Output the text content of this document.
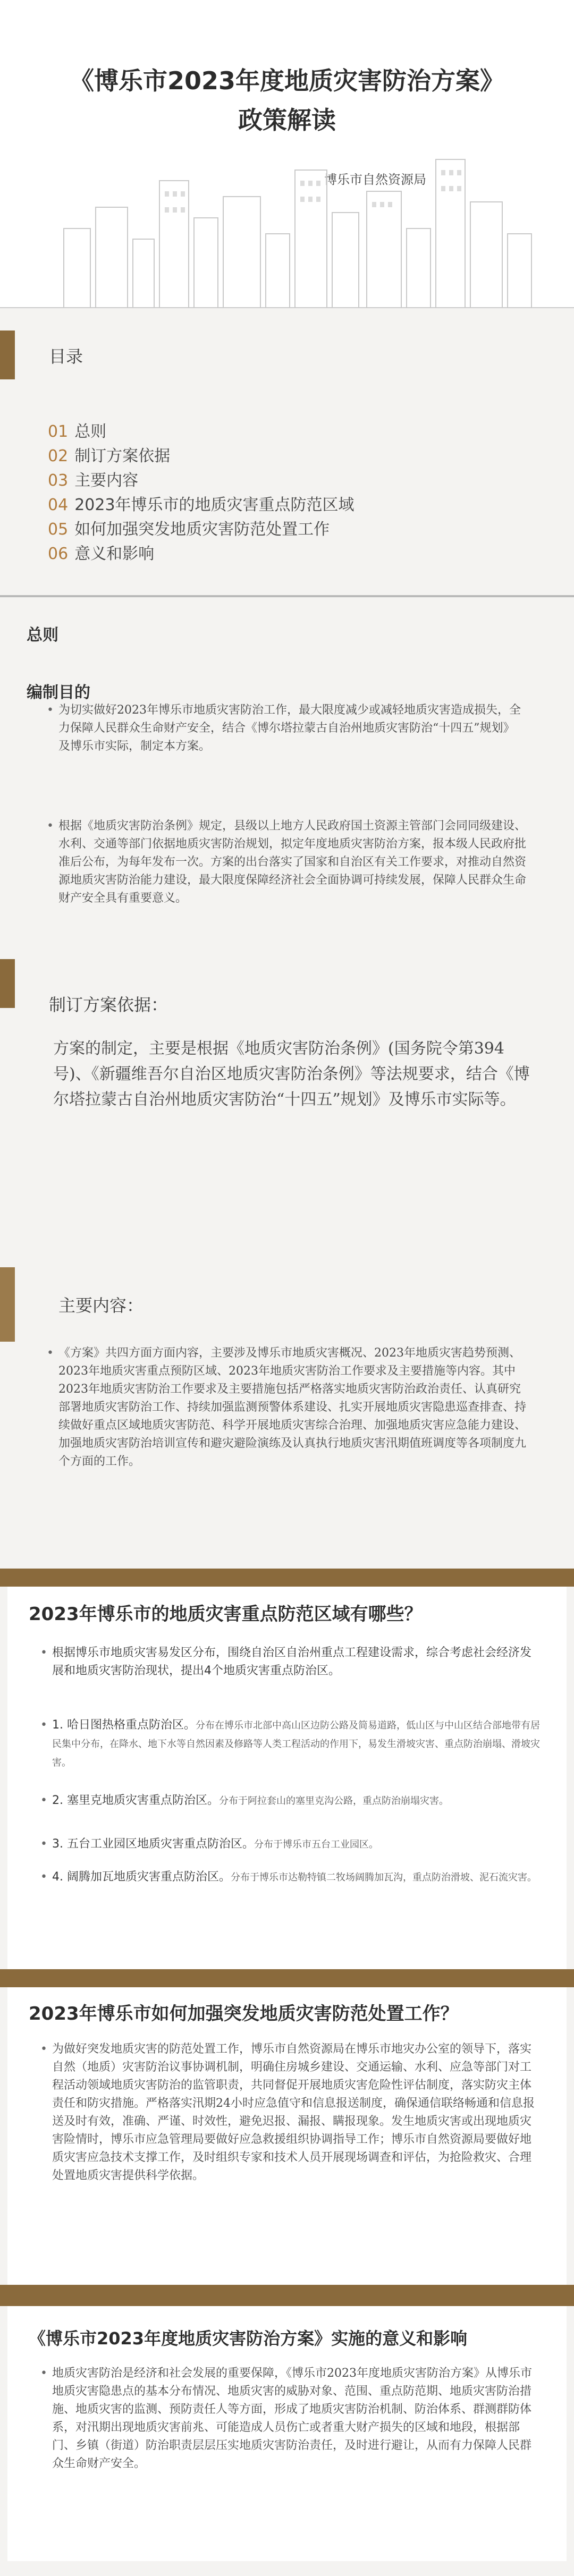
《博乐市2023年度地质灾害防治方案》
政策解读
博乐市自然资源局
目录
01 总则
02 制订方案依据
03 主要内容
04 2023年博乐市的地质灾害重点防范区域
05 如何加强突发地质灾害防范处置工作
06 意义和影响
总则
编制目的
• 为切实做好2023年博乐市地质灾害防治工作，最大限度减少或减轻地质灾害造成损失，全力保障人民群众生命财产安全，结合《博尔塔拉蒙古自治州地质灾害防治“十四五”规划》及博乐市实际，制定本方案。
• 根据《地质灾害防治条例》规定，县级以上地方人民政府国土资源主管部门会同同级建设、水利、交通等部门依据地质灾害防治规划，拟定年度地质灾害防治方案，报本级人民政府批准后公布，为每年发布一次。方案的出台落实了国家和自治区有关工作要求，对推动自然资源地质灾害防治能力建设，最大限度保障经济社会全面协调可持续发展，保障人民群众生命财产安全具有重要意义。
制订方案依据：
方案的制定，主要是根据《地质灾害防治条例》(国务院令第394号)、《新疆维吾尔自治区地质灾害防治条例》等法规要求，结合《博尔塔拉蒙古自治州地质灾害防治“十四五”规划》及博乐市实际等。
主要内容：
• 《方案》共四方面方面内容，主要涉及博乐市地质灾害概况、2023年地质灾害趋势预测、2023年地质灾害重点预防区域、2023年地质灾害防治工作要求及主要措施等内容。其中2023年地质灾害防治工作要求及主要措施包括严格落实地质灾害防治政治责任、认真研究部署地质灾害防治工作、持续加强监测预警体系建设、扎实开展地质灾害隐患巡查排查、持续做好重点区域地质灾害防范、科学开展地质灾害综合治理、加强地质灾害应急能力建设、加强地质灾害防治培训宣传和避灾避险演练及认真执行地质灾害汛期值班调度等各项制度九个方面的工作。
2023年博乐市的地质灾害重点防范区域有哪些？
• 根据博乐市地质灾害易发区分布，围绕自治区自治州重点工程建设需求，综合考虑社会经济发展和地质灾害防治现状，提出4个地质灾害重点防治区。
• 1. 哈日图热格重点防治区。分布在博乐市北部中高山区边防公路及简易道路，低山区与中山区结合部地带有居民集中分布，在降水、地下水等自然因素及修路等人类工程活动的作用下，易发生滑坡灾害、重点防治崩塌、滑坡灾害。
• 2. 塞里克地质灾害重点防治区。分布于阿拉套山的塞里克沟公路，重点防治崩塌灾害。
• 3. 五台工业园区地质灾害重点防治区。分布于博乐市五台工业园区。
• 4. 阔腾加瓦地质灾害重点防治区。分布于博乐市达勒特镇二牧场阔腾加瓦沟，重点防治滑坡、泥石流灾害。
2023年博乐市如何加强突发地质灾害防范处置工作？
• 为做好突发地质灾害的防范处置工作，博乐市自然资源局在博乐市地灾办公室的领导下，落实自然（地质）灾害防治议事协调机制，明确住房城乡建设、交通运输、水利、应急等部门对工程活动领域地质灾害防治的监管职责，共同督促开展地质灾害危险性评估制度，落实防灾主体责任和防灾措施。严格落实汛期24小时应急值守和信息报送制度，确保通信联络畅通和信息报送及时有效，准确、严谨、时效性，避免迟报、漏报、瞒报现象。发生地质灾害或出现地质灾害险情时，博乐市应急管理局要做好应急救援组织协调指导工作；博乐市自然资源局要做好地质灾害应急技术支撑工作，及时组织专家和技术人员开展现场调查和评估，为抢险救灾、合理处置地质灾害提供科学依据。
《博乐市2023年度地质灾害防治方案》实施的意义和影响
• 地质灾害防治是经济和社会发展的重要保障，《博乐市2023年度地质灾害防治方案》从博乐市地质灾害隐患点的基本分布情况、地质灾害的威胁对象、范围、重点防范期、地质灾害防治措施、地质灾害的监测、预防责任人等方面，形成了地质灾害防治机制、防治体系、群测群防体系，对汛期出现地质灾害前兆、可能造成人员伤亡或者重大财产损失的区域和地段，根据部门、乡镇（街道）防治职责层层压实地质灾害防治责任，及时进行避让，从而有力保障人民群众生命财产安全。
